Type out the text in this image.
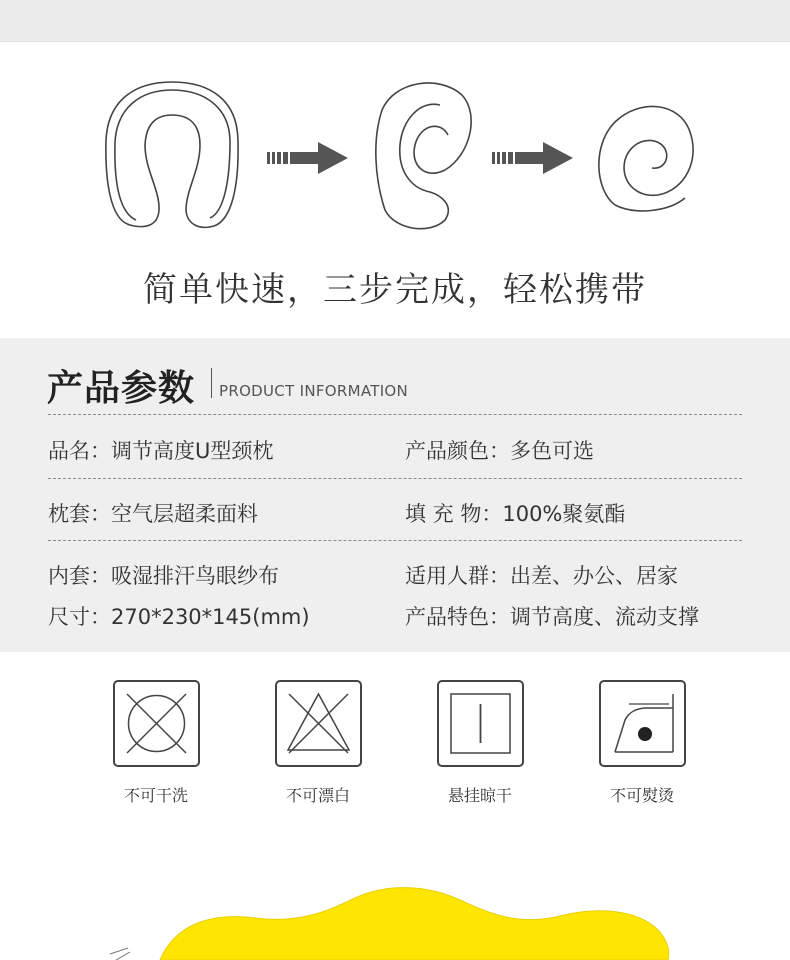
简单快速，三步完成，轻松携带
产品参数 PRODUCT INFORMATION
品名：调节高度U型颈枕	产品颜色：多色可选
枕套：空气层超柔面料	填 充 物：100%聚氨酯
内套：吸湿排汗鸟眼纱布	适用人群：出差、办公、居家
尺寸：270*230*145(mm)	产品特色：调节高度、流动支撑
不可干洗	不可漂白	悬挂晾干	不可熨烫
